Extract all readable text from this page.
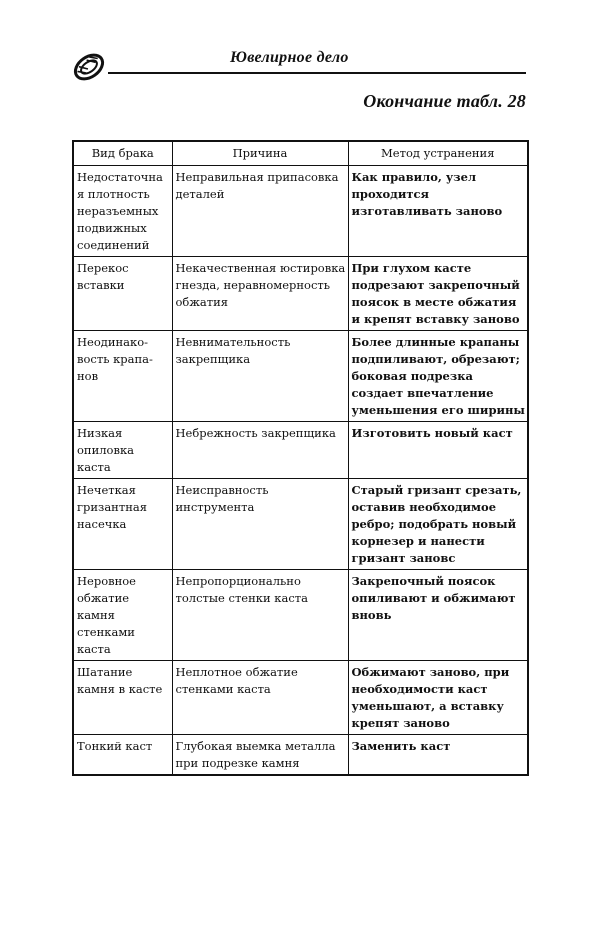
Ювелирное дело
Окончание табл. 28
Вид брака	Причина	Метод устранения
Недостаточная плотность неразъемных подвижных соединений	Неправильная припасовка деталей	Как правило, узел проходится изготавливать заново
Перекос вставки	Некачественная юстировка гнезда, неравномерность обжатия	При глухом касте подрезают закрепочный поясок в месте обжатия и крепят вставку заново
Неодинако-вость крапа-нов	Невнимательность закрепщика	Более длинные крапаны подпиливают, обрезают; боковая подрезка создает впечатление уменьшения его ширины
Низкая опиловка каста	Небрежность закрепщика	Изготовить новый каст
Нечеткая гризантная насечка	Неисправность инструмента	Старый гризант срезать, оставив необходимое ребро; подобрать новый корнезер и нанести гризант зановс
Неровное обжатие камня стенками каста	Непропорционально толстые стенки каста	Закрепочный поясок опиливают и обжимают вновь
Шатание камня в касте	Неплотное обжатие стенками каста	Обжимают заново, при необходимости каст уменьшают, а вставку крепят заново
Тонкий каст	Глубокая выемка металла при подрезке камня	Заменить каст
